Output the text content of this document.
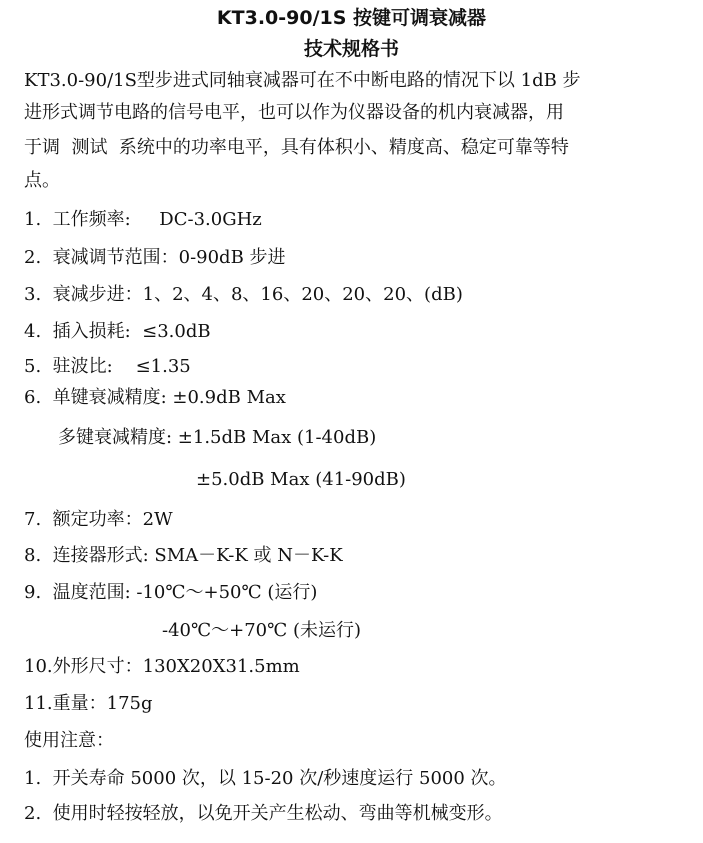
KT3.0-90/1S 按键可调衰减器
技术规格书
KT3.0-90/1S型步进式同轴衰减器可在不中断电路的情况下以 1dB 步
进形式调节电路的信号电平，也可以作为仪器设备的机内衰减器，用
于调  测试  系统中的功率电平，具有体积小、精度高、稳定可靠等特
点。
1.  工作频率:     DC-3.0GHz
2.  衰减调节范围：0-90dB 步进
3.  衰减步进：1、2、4、8、16、20、20、20、(dB)
4.  插入损耗:  ≤3.0dB
5.  驻波比:    ≤1.35
6.  单键衰减精度: ±0.9dB Max
多键衰减精度: ±1.5dB Max (1-40dB)
±5.0dB Max (41-90dB)
7.  额定功率：2W
8.  连接器形式: SMA－K-K 或 N－K-K
9.  温度范围: -10℃～+50℃ (运行)
-40℃～+70℃ (未运行)
10.外形尺寸：130X20X31.5mm
11.重量：175g
使用注意：
1.  开关寿命 5000 次，以 15-20 次/秒速度运行 5000 次。
2.  使用时轻按轻放，以免开关产生松动、弯曲等机械变形。
